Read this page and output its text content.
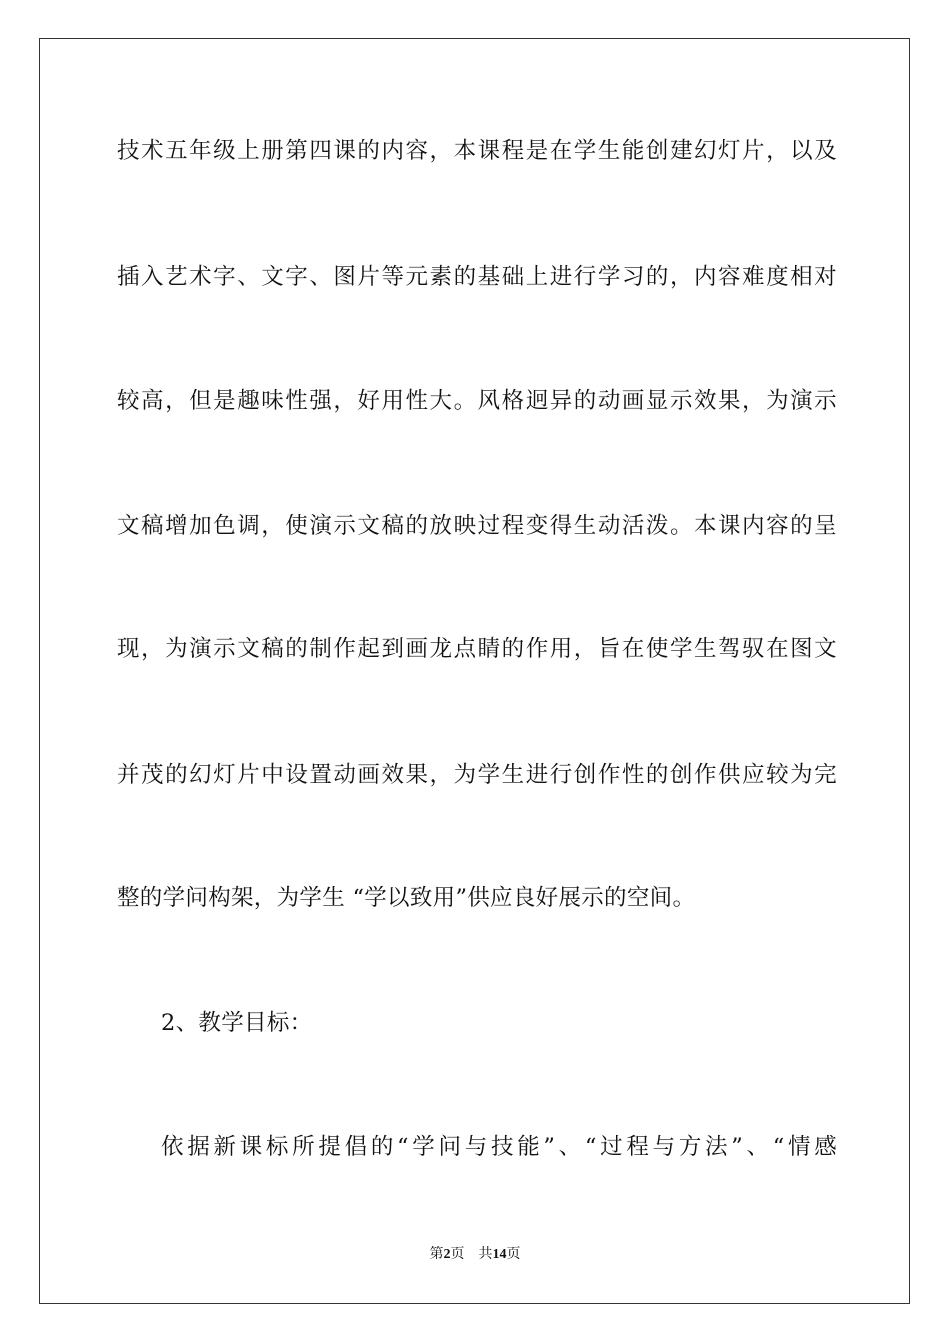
技术五年级上册第四课的内容，本课程是在学生能创建幻灯片，以及
插入艺术字、文字、图片等元素的基础上进行学习的，内容难度相对
较高，但是趣味性强，好用性大。风格迥异的动画显示效果，为演示
文稿增加色调，使演示文稿的放映过程变得生动活泼。本课内容的呈
现，为演示文稿的制作起到画龙点睛的作用，旨在使学生驾驭在图文
并茂的幻灯片中设置动画效果，为学生进行创作性的创作供应较为完
整的学问构架，为学生 “学以致用”供应良好展示的空间。
2、教学目标：
依据新课标所提倡的“学问与技能”、“过程与方法”、“情感
第2页 共14页
